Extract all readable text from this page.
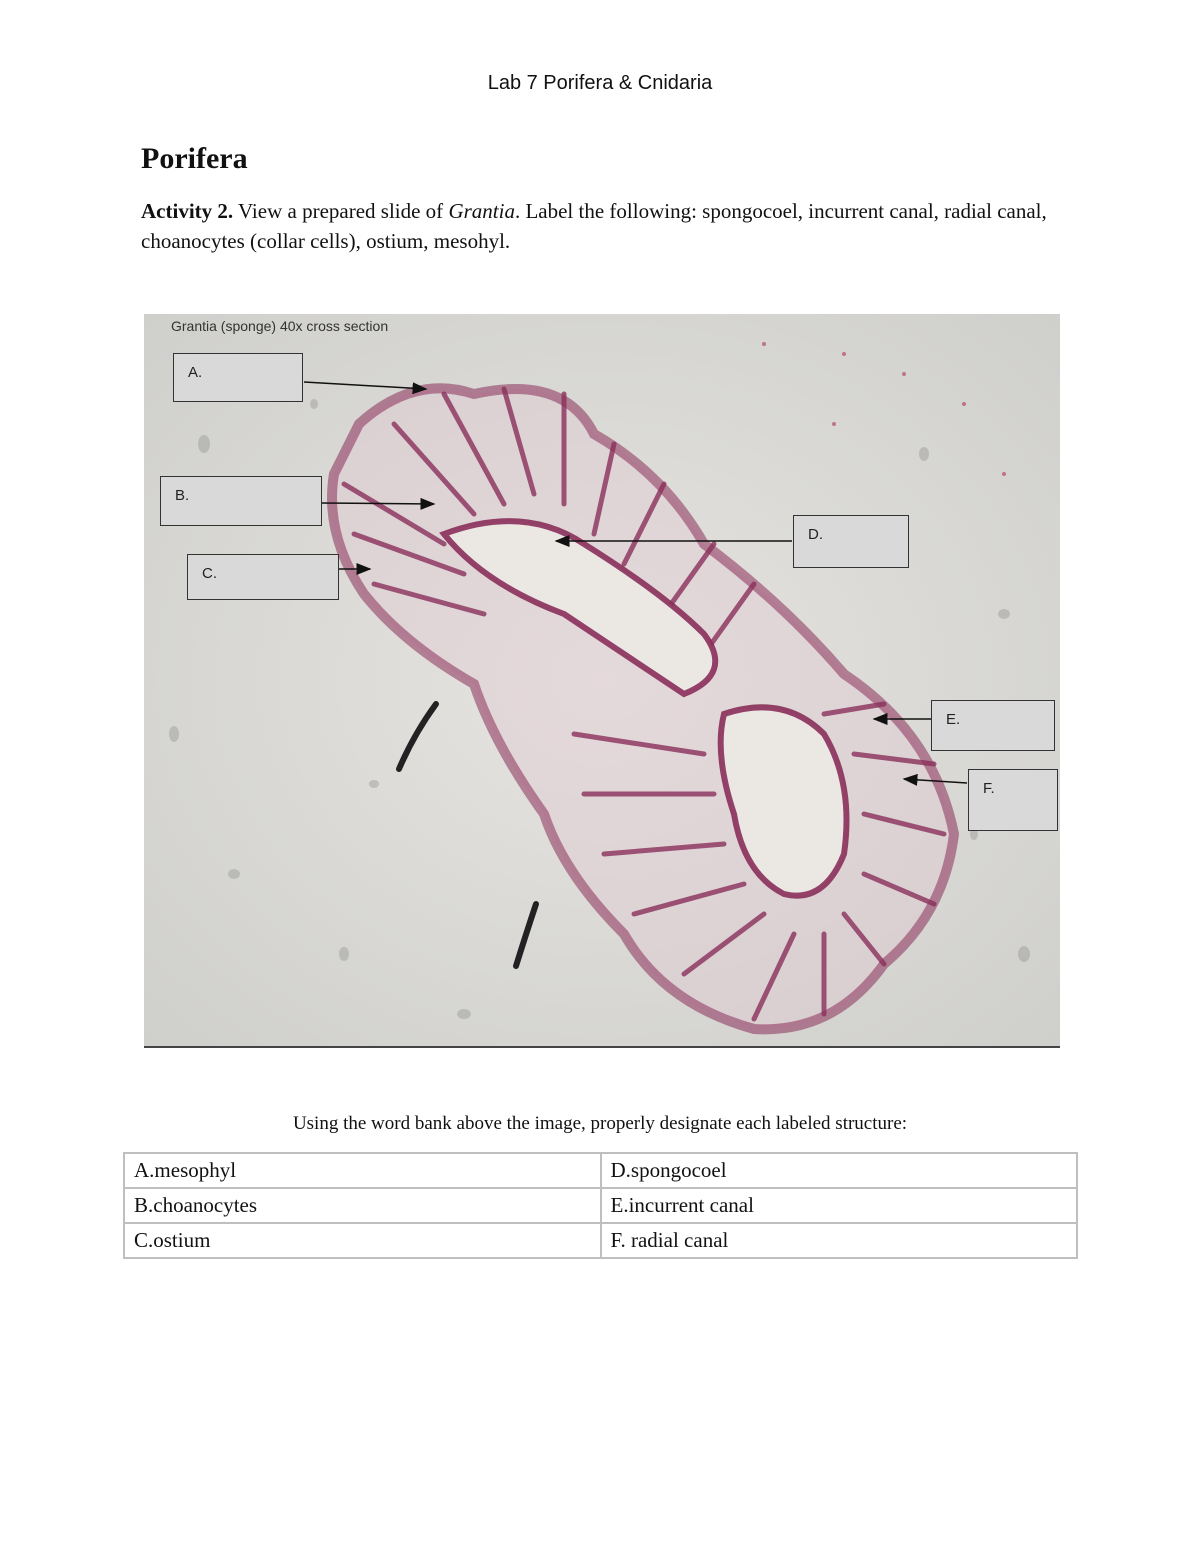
Lab 7 Porifera & Cnidaria
Porifera
Activity 2. View a prepared slide of Grantia. Label the following: spongocoel, incurrent canal, radial canal, choanocytes (collar cells), ostium, mesohyl.
Grantia (sponge) 40x cross section
A.
B.
C.
D.
E.
F.
Using the word bank above the image, properly designate each labeled structure:
A.mesophyl	D.spongocoel
B.choanocytes	E.incurrent canal
C.ostium	F. radial canal
